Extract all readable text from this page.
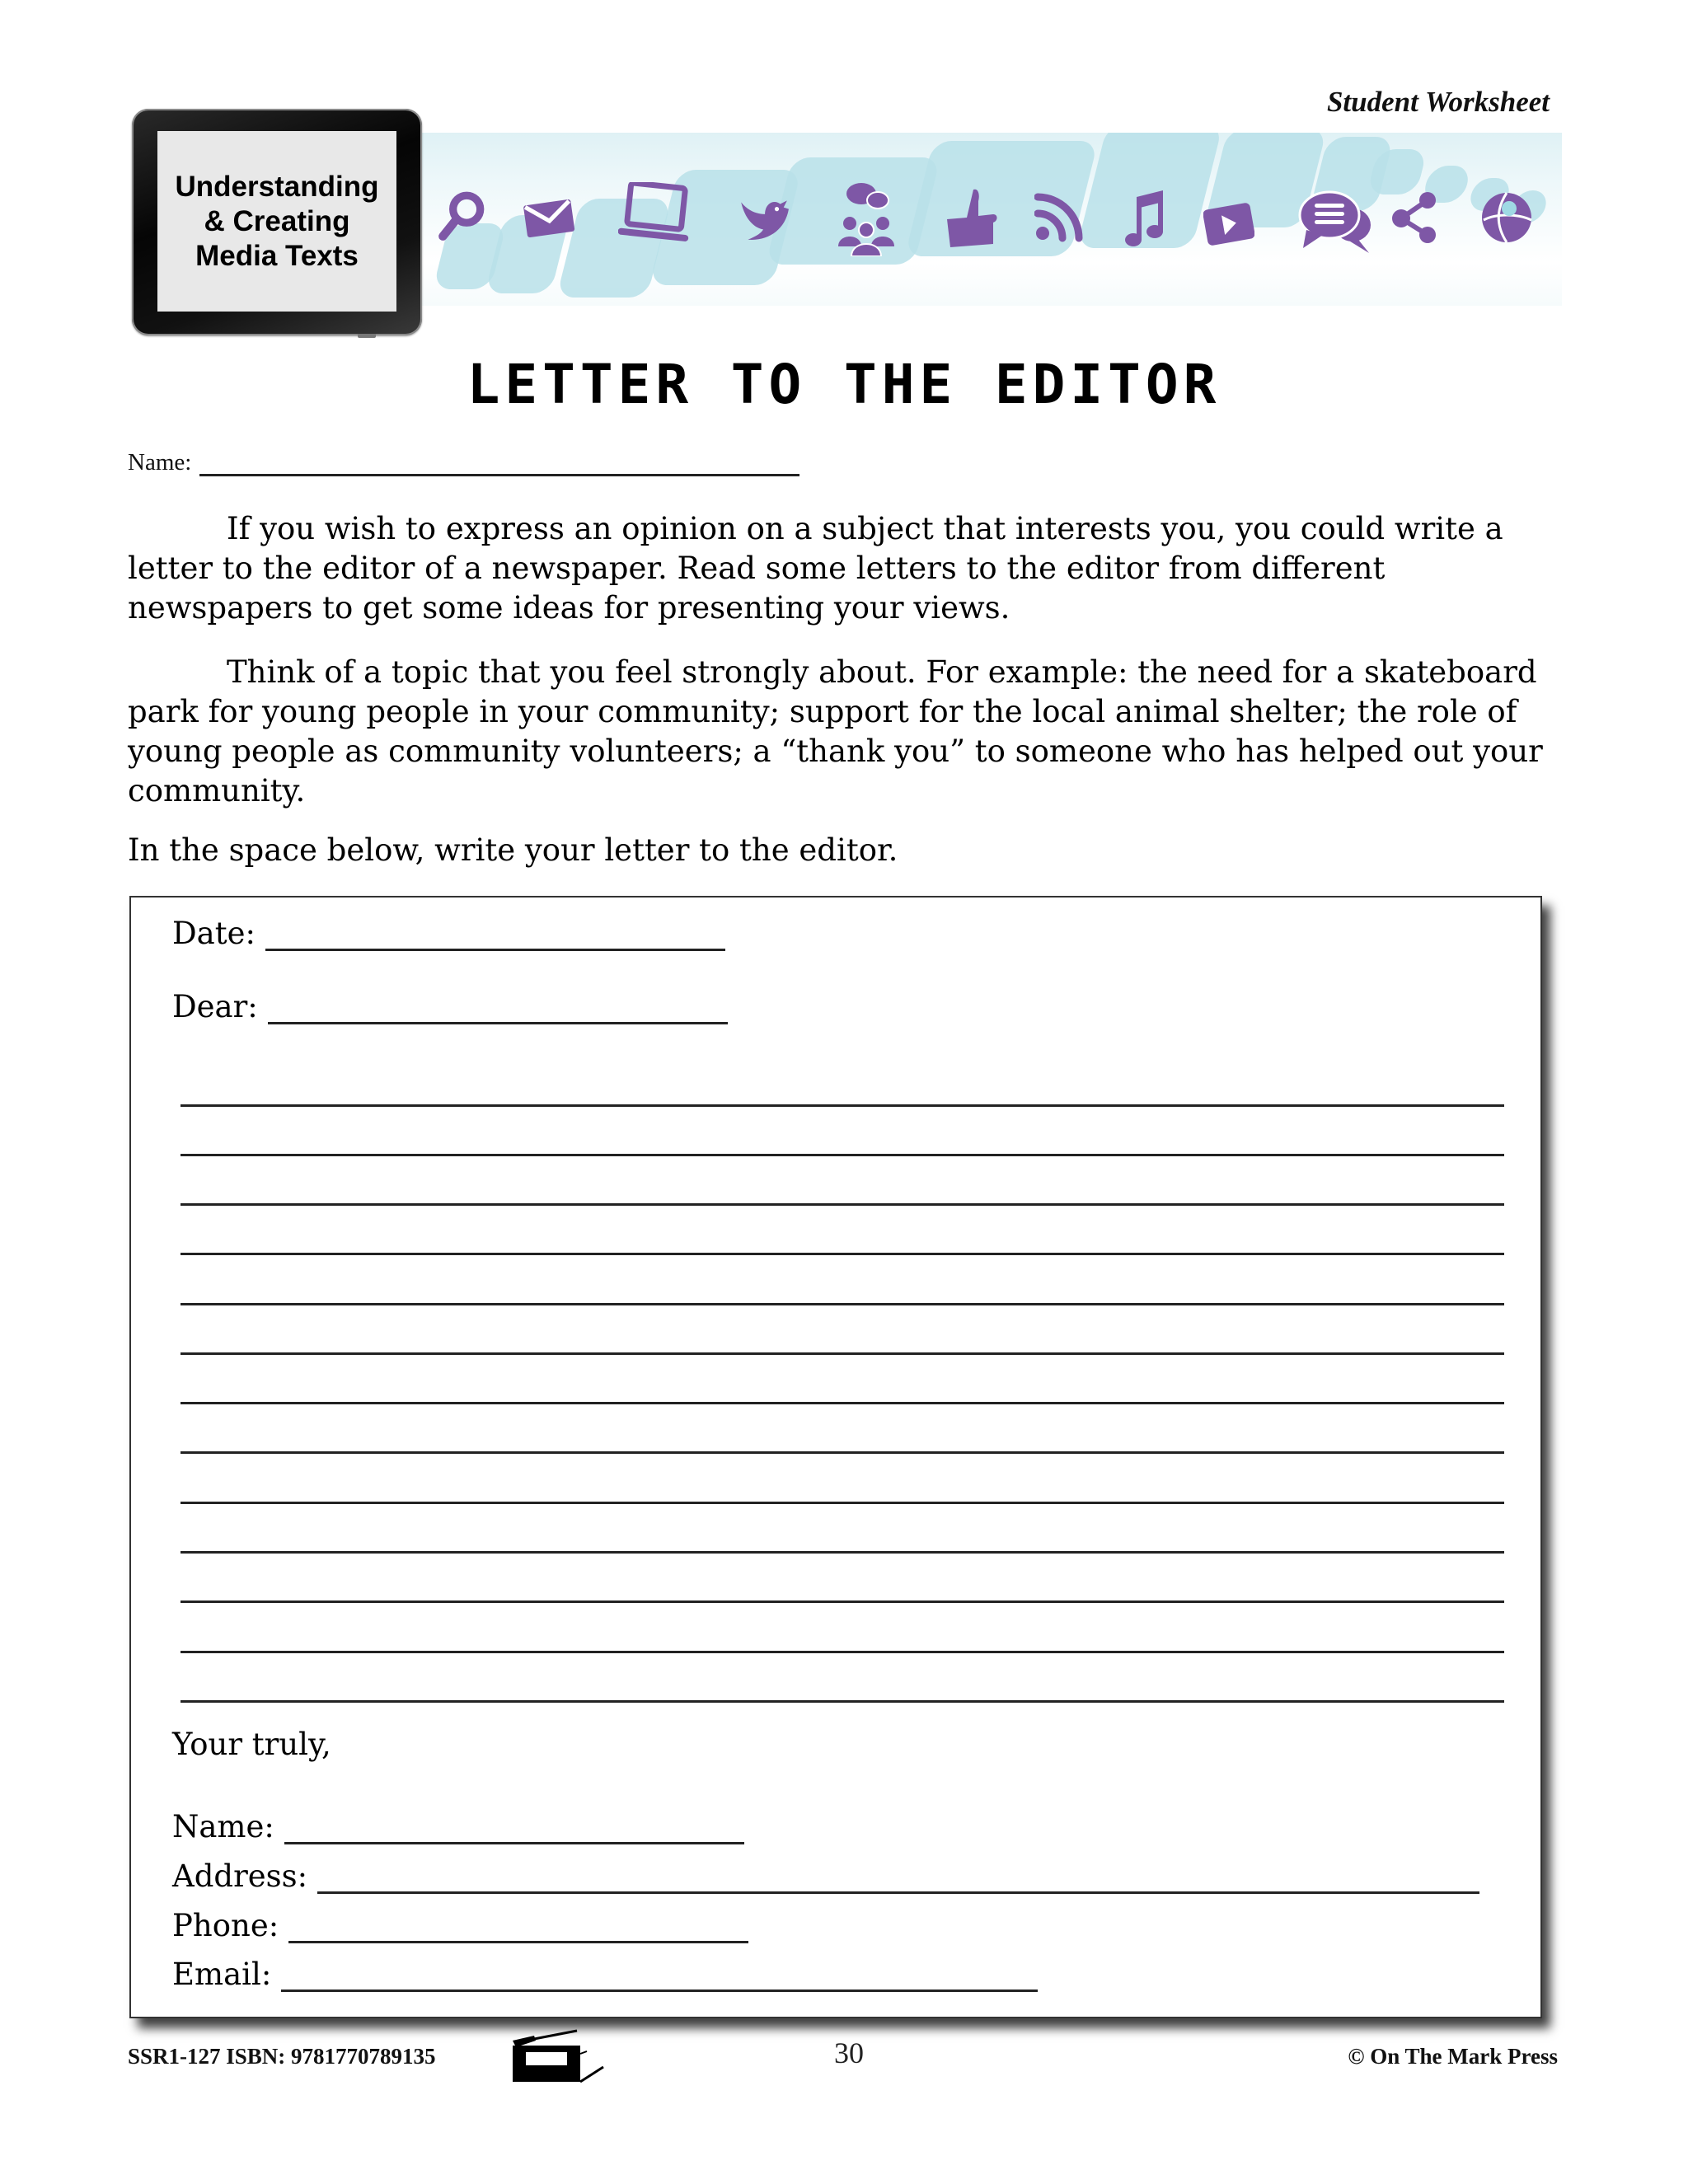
Student Worksheet
Understanding
& Creating
Media Texts
LETTER TO THE EDITOR
Name:
If you wish to express an opinion on a subject that interests you, you could write a letter to the editor of a newspaper. Read some letters to the editor from different newspapers to get some ideas for presenting your views.
Think of a topic that you feel strongly about. For example: the need for a skateboard park for young people in your community; support for the local animal shelter; the role of young people as community volunteers; a “thank you” to someone who has helped out your community.
In the space below, write your letter to the editor.
Date:
Dear:
Your truly,
Name:
Address:
Phone:
Email:
SSR1-127 ISBN: 9781770789135	30	© On The Mark Press
